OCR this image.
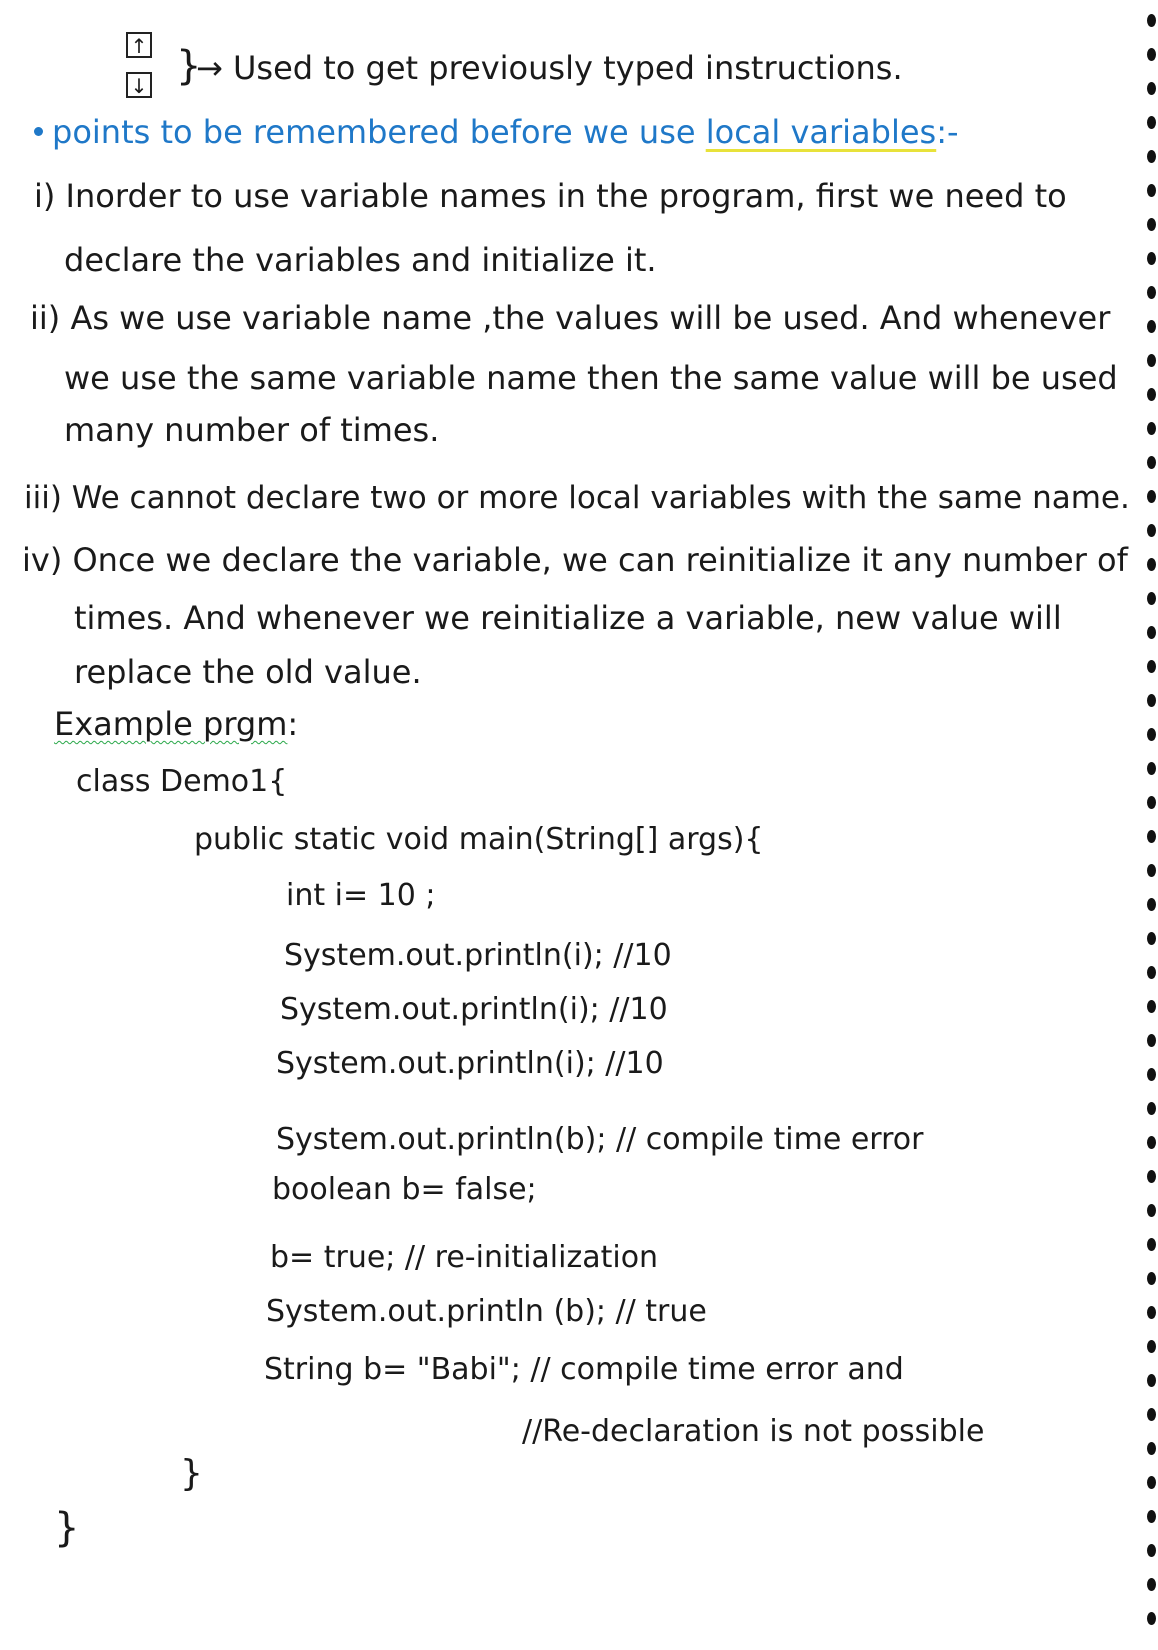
↑
↓ }
→ Used to get previously typed instructions.
points to be remembered before we use local variables:-
i) Inorder to use variable names in the program, first we need to
declare the variables and initialize it.
ii) As we use variable name ,the values will be used. And whenever
we use the same variable name then the same value will be used
many number of times.
iii) We cannot declare two or more local variables with the same name.
iv) Once we declare the variable, we can reinitialize it any number of
times. And whenever we reinitialize a variable, new value will
replace the old value.
Example prgm:
class Demo1{
public static void main(String[] args){
int i= 10 ;
System.out.println(i); //10
System.out.println(i); //10
System.out.println(i); //10
System.out.println(b); // compile time error
boolean b= false;
b= true; // re-initialization
System.out.println (b); // true
String b= "Babi"; // compile time error and
//Re-declaration is not possible
}
}
